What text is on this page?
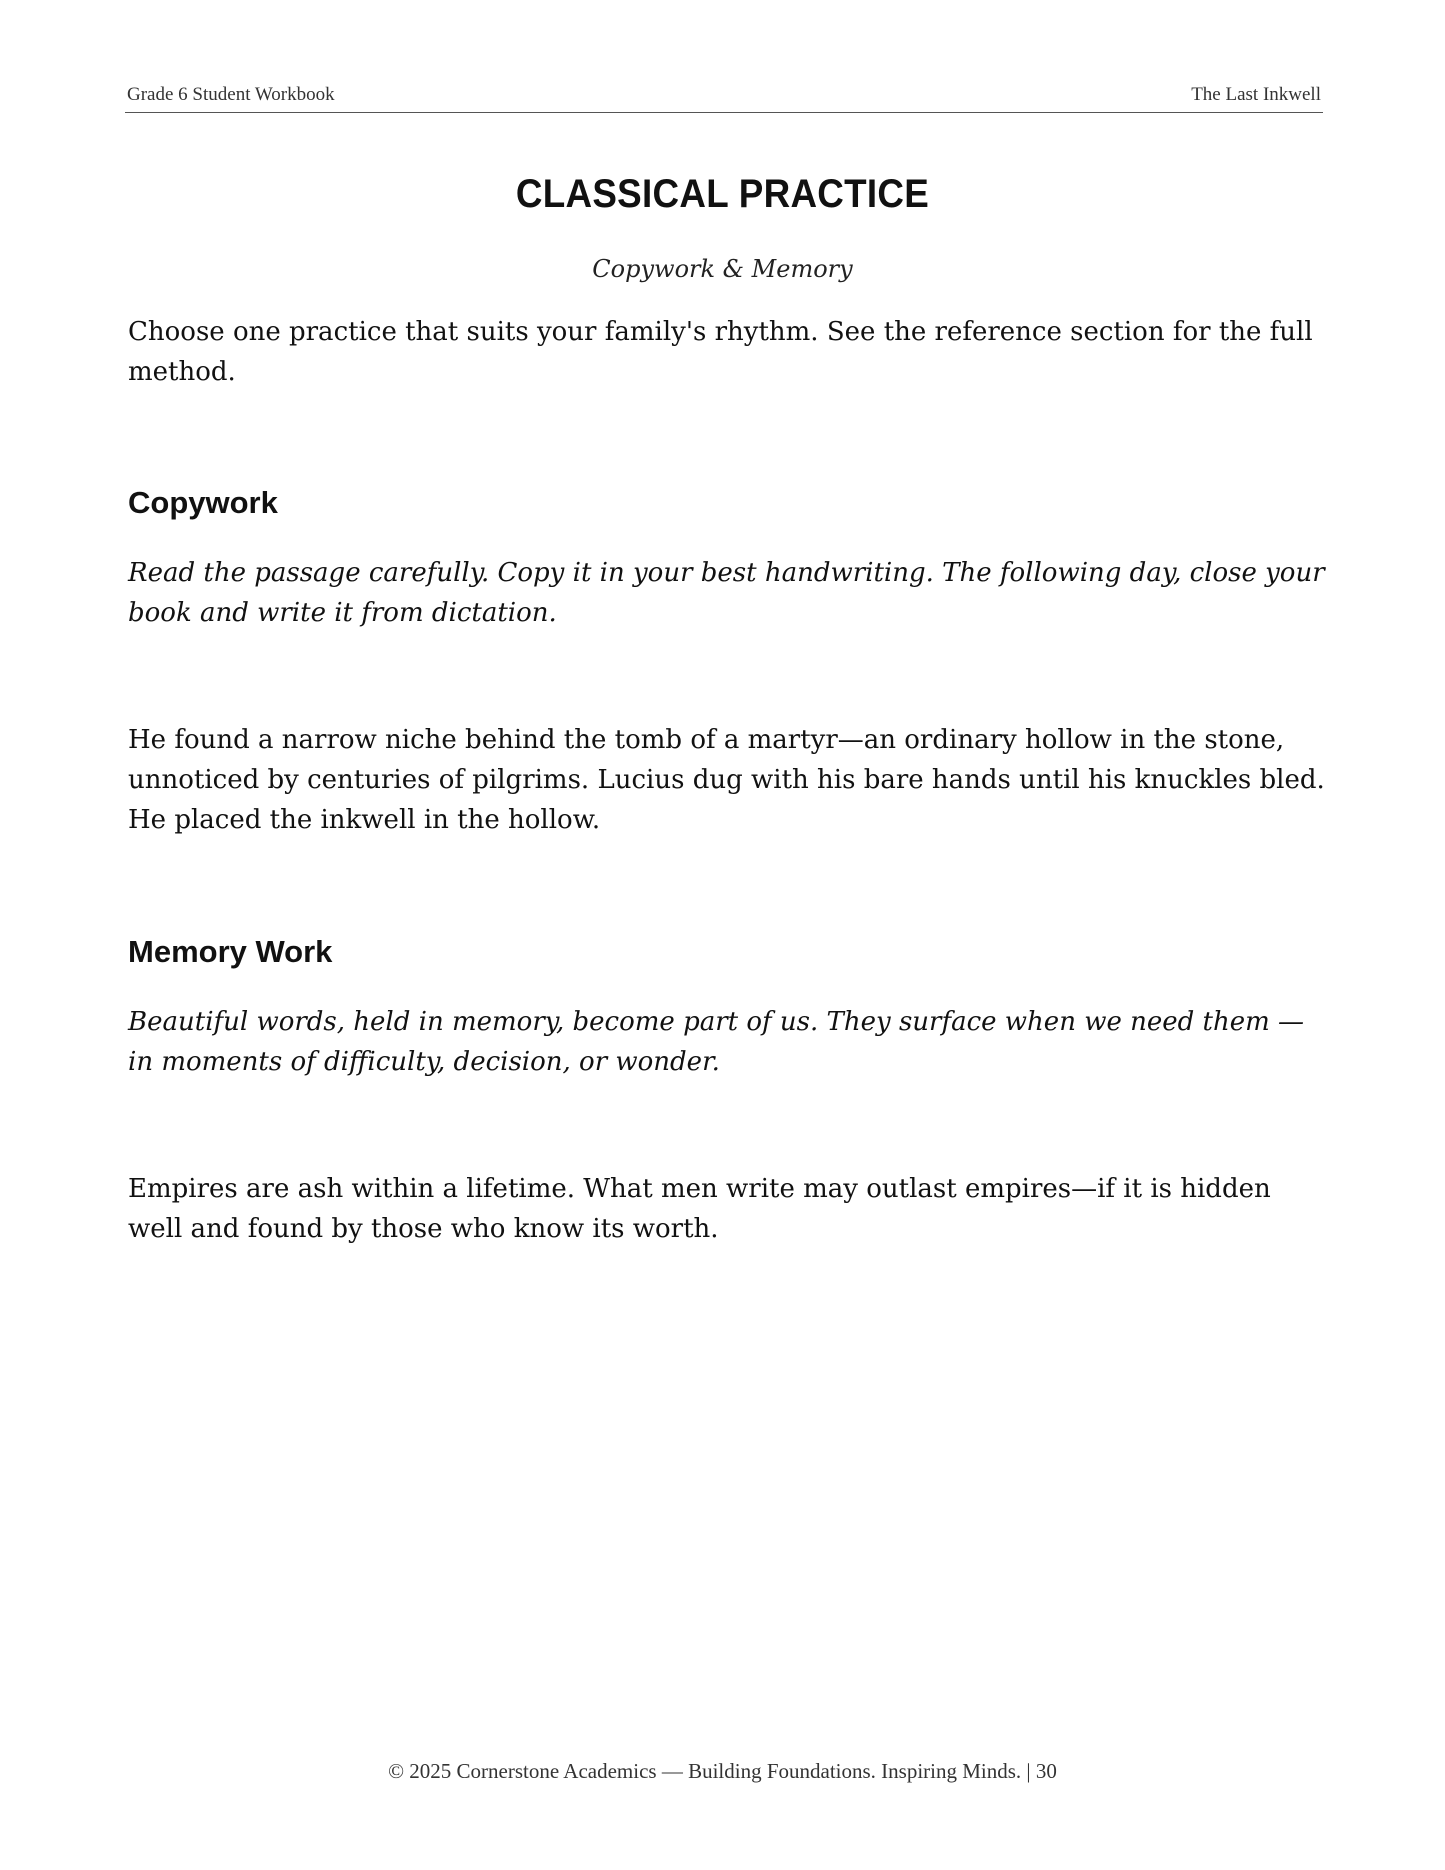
Grade 6 Student Workbook	The Last Inkwell
CLASSICAL PRACTICE
Copywork & Memory
Choose one practice that suits your family's rhythm. See the reference section for the full method.
Copywork
Read the passage carefully. Copy it in your best handwriting. The following day, close your book and write it from dictation.
He found a narrow niche behind the tomb of a martyr—an ordinary hollow in the stone, unnoticed by centuries of pilgrims. Lucius dug with his bare hands until his knuckles bled. He placed the inkwell in the hollow.
Memory Work
Beautiful words, held in memory, become part of us. They surface when we need them — in moments of difficulty, decision, or wonder.
Empires are ash within a lifetime. What men write may outlast empires—if it is hidden well and found by those who know its worth.
© 2025 Cornerstone Academics — Building Foundations. Inspiring Minds. | 30
